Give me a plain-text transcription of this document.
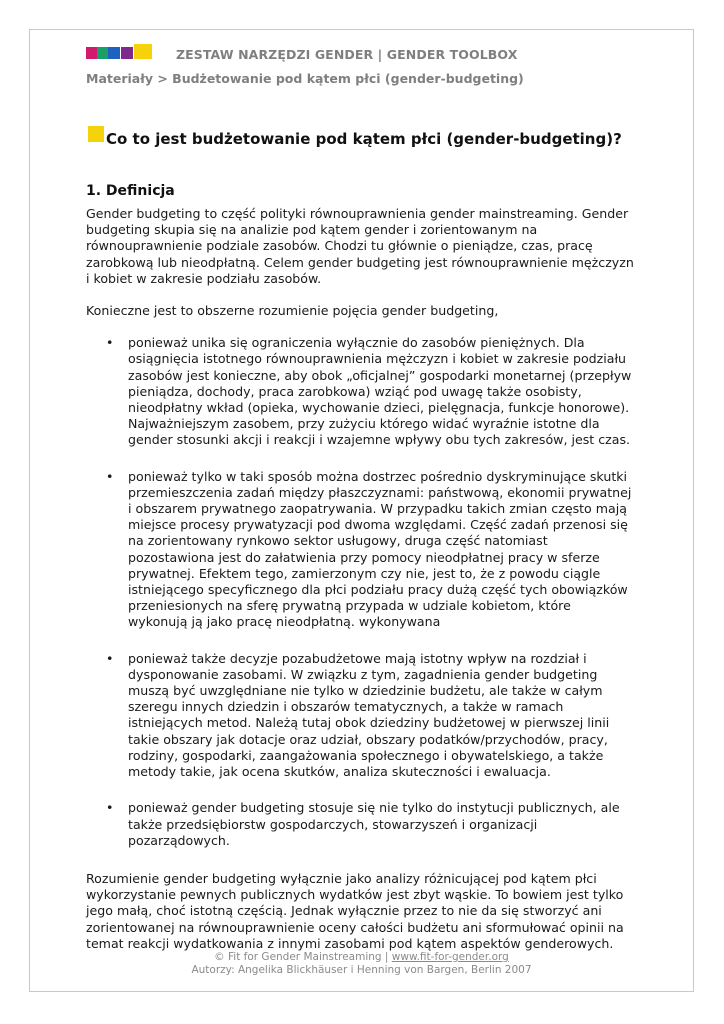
ZESTAW NARZĘDZI GENDER | GENDER TOOLBOX
Materiały > Budżetowanie pod kątem płci (gender-budgeting)
Co to jest budżetowanie pod kątem płci (gender-budgeting)?
1. Definicja

Gender budgeting to część polityki równouprawnienia gender mainstreaming. Gender budgeting skupia się na analizie pod kątem gender i zorientowanym na równouprawnienie podziale zasobów. Chodzi tu głównie o pieniądze, czas, pracę zarobkową lub nieodpłatną. Celem gender budgeting jest równouprawnienie mężczyzn i kobiet w zakresie podziału zasobów.

Konieczne jest to obszerne rozumienie pojęcia gender budgeting,

• ponieważ unika się ograniczenia wyłącznie do zasobów pieniężnych. Dla osiągnięcia istotnego równouprawnienia mężczyzn i kobiet w zakresie podziału zasobów jest konieczne, aby obok „oficjalnej” gospodarki monetarnej (przepływ pieniądza, dochody, praca zarobkowa) wziąć pod uwagę także osobisty, nieodpłatny wkład (opieka, wychowanie dzieci, pielęgnacja, funkcje honorowe). Najważniejszym zasobem, przy zużyciu którego widać wyraźnie istotne dla gender stosunki akcji i reakcji i wzajemne wpływy obu tych zakresów, jest czas.
• ponieważ tylko w taki sposób można dostrzec pośrednio dyskryminujące skutki przemieszczenia zadań między płaszczyznami: państwową, ekonomii prywatnej i obszarem prywatnego zaopatrywania. W przypadku takich zmian często mają miejsce procesy prywatyzacji pod dwoma względami. Część zadań przenosi się na zorientowany rynkowo sektor usługowy, druga część natomiast pozostawiona jest do załatwienia przy pomocy nieodpłatnej pracy w sferze prywatnej. Efektem tego, zamierzonym czy nie, jest to, że z powodu ciągle istniejącego specyficznego dla płci podziału pracy dużą część tych obowiązków przeniesionych na sferę prywatną przypada w udziale kobietom, które wykonują ją jako pracę nieodpłatną. wykonywana
• ponieważ także decyzje pozabudżetowe mają istotny wpływ na rozdział i dysponowanie zasobami. W związku z tym, zagadnienia gender budgeting muszą być uwzględniane nie tylko w dziedzinie budżetu, ale także w całym szeregu innych dziedzin i obszarów tematycznych, a także w ramach istniejących metod. Należą tutaj obok dziedziny budżetowej w pierwszej linii takie obszary jak dotacje oraz udział, obszary podatków/przychodów, pracy, rodziny, gospodarki, zaangażowania społecznego i obywatelskiego, a także metody takie, jak ocena skutków, analiza skuteczności i ewaluacja.
• ponieważ gender budgeting stosuje się nie tylko do instytucji publicznych, ale także przedsiębiorstw gospodarczych, stowarzyszeń i organizacji pozarządowych.

Rozumienie gender budgeting wyłącznie jako analizy różnicującej pod kątem płci wykorzystanie pewnych publicznych wydatków jest zbyt wąskie. To bowiem jest tylko jego małą, choć istotną częścią. Jednak wyłącznie przez to nie da się stworzyć ani zorientowanej na równouprawnienie oceny całości budżetu ani sformułować opinii na temat reakcji wydatkowania z innymi zasobami pod kątem aspektów genderowych.

© Fit for Gender Mainstreaming | www.fit-for-gender.org
Autorzy: Angelika Blickhäuser i Henning von Bargen, Berlin 2007
